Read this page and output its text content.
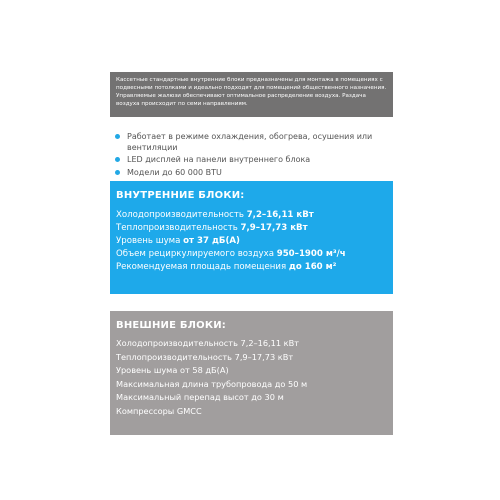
Кассетные стандартные внутренние блоки предназначены для монтажа в помещениях с подвесными потолками и идеально подходят для помещений общественного назначения. Управляемые жалюзи обеспечивают оптимальное распределение воздуха. Раздача воздуха происходит по семи направлениям.

Работает в режиме охлаждения, обогрева, осушения или вентиляции
LED дисплей на панели внутреннего блока
Модели до 60 000 BTU
ВНУТРЕННИЕ БЛОКИ:
Холодопроизводительность 7,2–16,11 кВт
Теплопроизводительность 7,9–17,73 кВт
Уровень шума от 37 дБ(А)
Объем рециркулируемого воздуха 950–1900 м³/ч
Рекомендуемая площадь помещения до 160 м²
ВНЕШНИЕ БЛОКИ:
Холодопроизводительность 7,2–16,11 кВт
Теплопроизводительность 7,9–17,73 кВт
Уровень шума от 58 дБ(А)
Максимальная длина трубопровода до 50 м
Максимальный перепад высот до 30 м
Компрессоры GMCC
